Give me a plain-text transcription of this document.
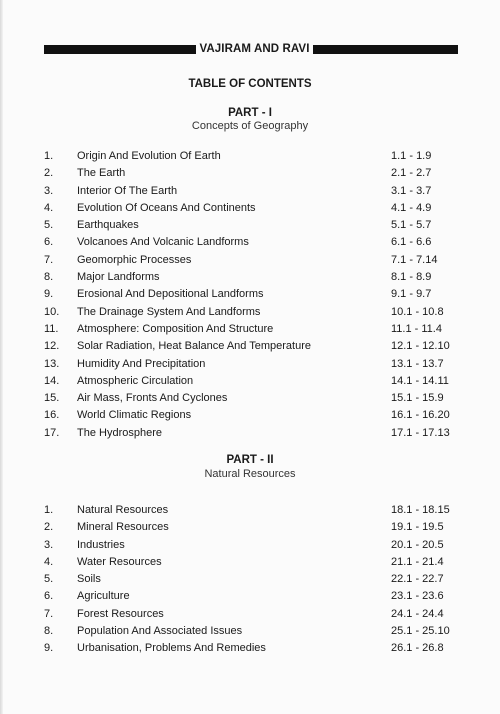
VAJIRAM AND RAVI
TABLE OF CONTENTS
PART - I
Concepts of Geography
1. Origin And Evolution Of Earth	1.1 - 1.9
2. The Earth	2.1 - 2.7
3. Interior Of The Earth	3.1 - 3.7
4. Evolution Of Oceans And Continents	4.1 - 4.9
5. Earthquakes	5.1 - 5.7
6. Volcanoes And Volcanic Landforms	6.1 - 6.6
7. Geomorphic Processes	7.1 - 7.14
8. Major Landforms	8.1 - 8.9
9. Erosional And Depositional Landforms	9.1 - 9.7
10. The Drainage System And Landforms	10.1 - 10.8
11. Atmosphere: Composition And Structure	11.1 - 11.4
12. Solar Radiation, Heat Balance And Temperature	12.1 - 12.10
13. Humidity And Precipitation	13.1 - 13.7
14. Atmospheric Circulation	14.1 - 14.11
15. Air Mass, Fronts And Cyclones	15.1 - 15.9
16. World Climatic Regions	16.1 - 16.20
17. The Hydrosphere	17.1 - 17.13
PART - II
Natural Resources
1. Natural Resources	18.1 - 18.15
2. Mineral Resources	19.1 - 19.5
3. Industries	20.1 - 20.5
4. Water Resources	21.1 - 21.4
5. Soils	22.1 - 22.7
6. Agriculture	23.1 - 23.6
7. Forest Resources	24.1 - 24.4
8. Population And Associated Issues	25.1 - 25.10
9. Urbanisation, Problems And Remedies	26.1 - 26.8
